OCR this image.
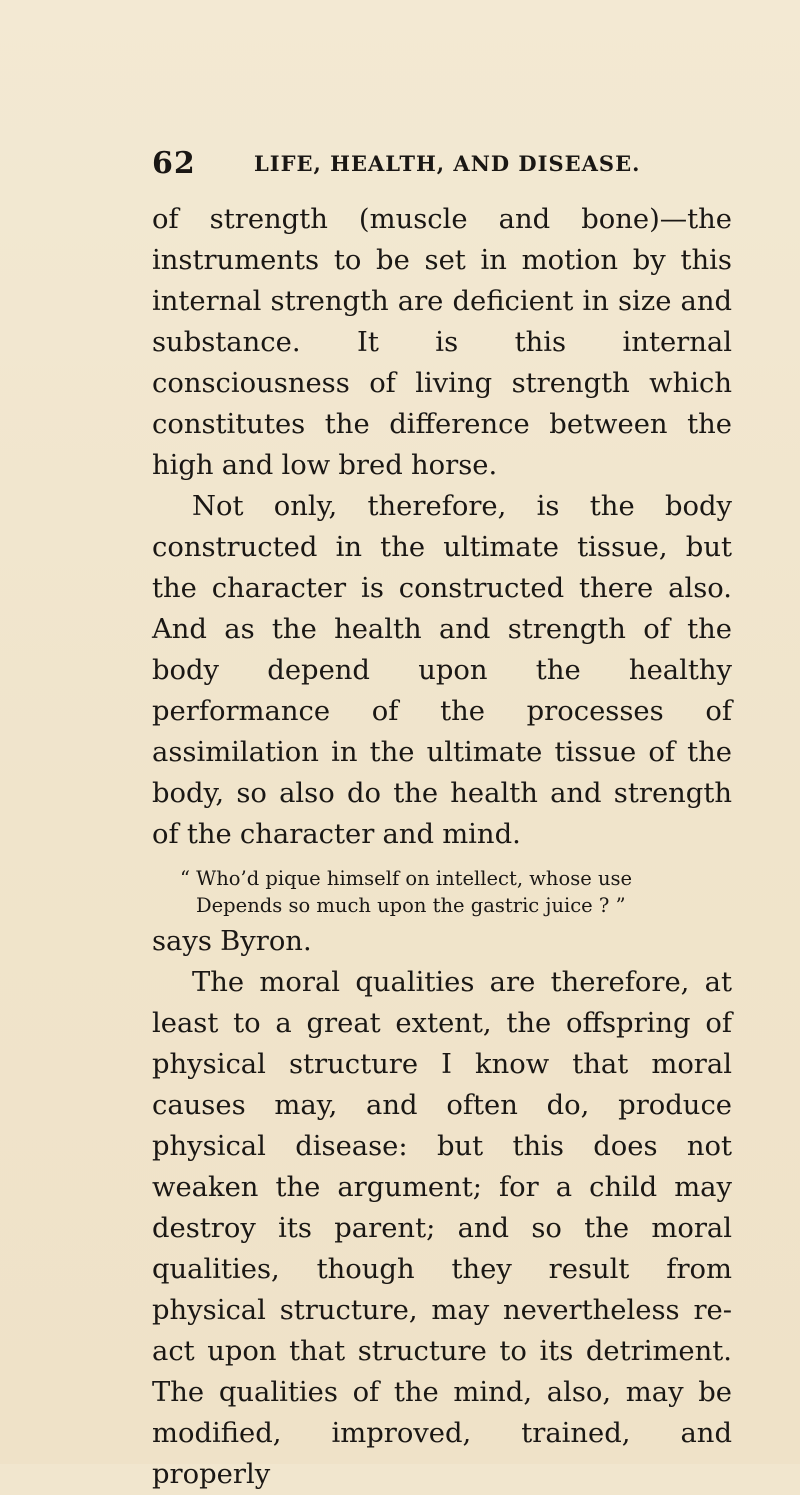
62	LIFE, HEALTH, AND DISEASE.

of strength (muscle and bone)—the instruments to be set in motion by this internal strength are deficient in size and substance. It is this internal consciousness of living strength which constitutes the difference between the high and low bred horse.

Not only, therefore, is the body constructed in the ultimate tissue, but the character is constructed there also. And as the health and strength of the body depend upon the healthy performance of the processes of assimilation in the ultimate tissue of the body, so also do the health and strength of the character and mind.

“ Who’d pique himself on intellect, whose use
Depends so much upon the gastric juice ? ”

says Byron.

The moral qualities are therefore, at least to a great extent, the offspring of physical structure I know that moral causes may, and often do, produce physical disease: but this does not weaken the argument; for a child may destroy its parent; and so the moral qualities, though they result from physical structure, may nevertheless re-act upon that structure to its detriment. The qualities of the mind, also, may be modified, improved, trained, and properly
